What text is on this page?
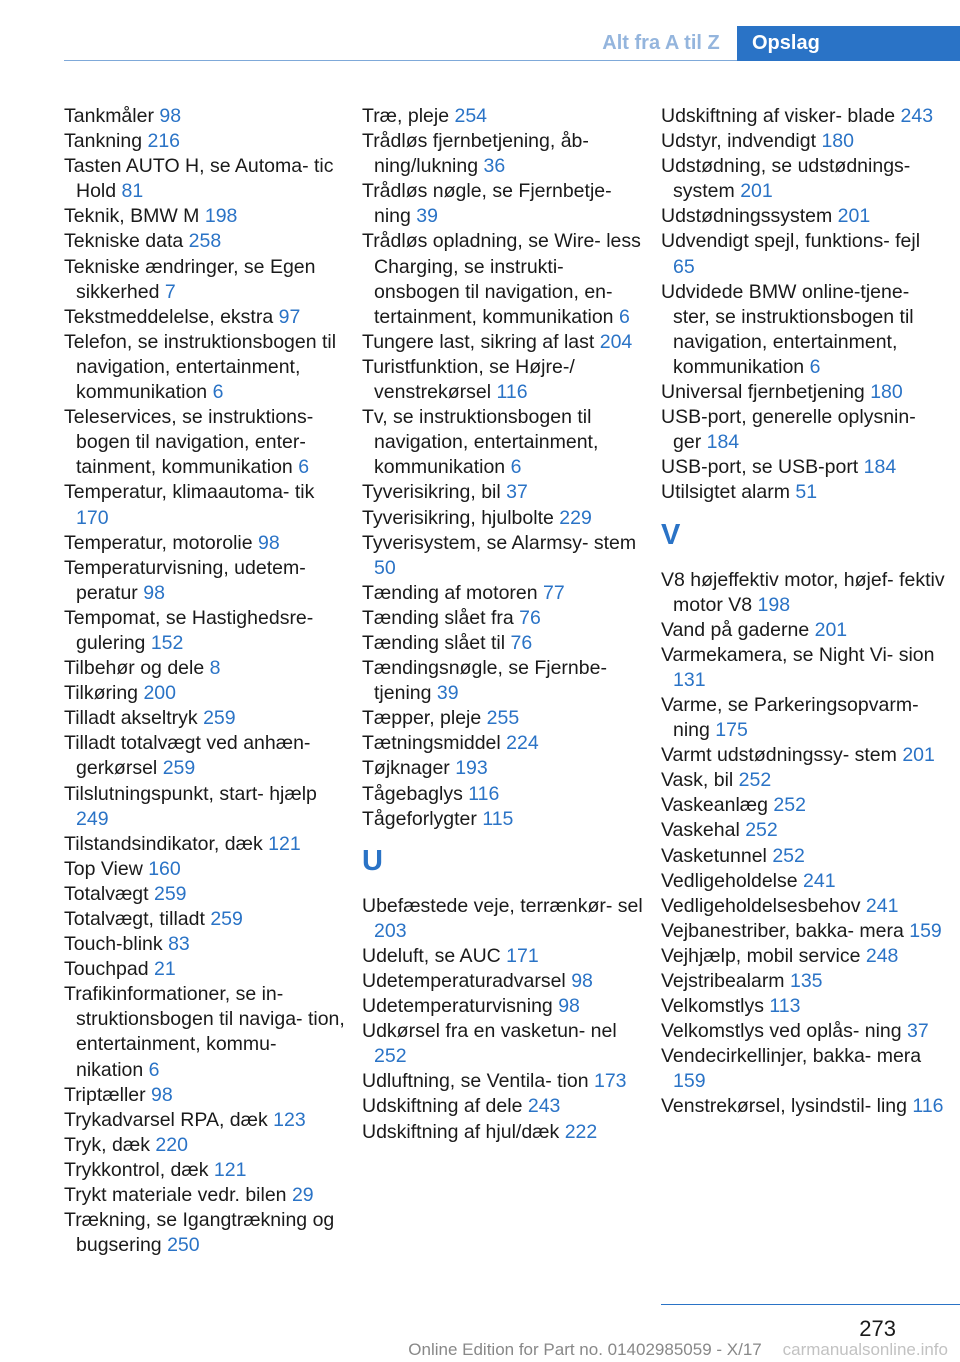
Alt fra A til Z	Opslag
Tankmåler 98
Tankning 216
Tasten AUTO H, se Automa‐ tic Hold 81
Teknik, BMW M 198
Tekniske data 258
Tekniske ændringer, se Egen sikkerhed 7
Tekstmeddelelse, ekstra 97
Telefon, se instruktionsbogen til navigation, entertainment, kommunikation 6
Teleservices, se instruktions‐ bogen til navigation, enter‐ tainment, kommunikation 6
Temperatur, klimaautoma‐ tik 170
Temperatur, motorolie 98
Temperaturvisning, udetem‐ peratur 98
Tempomat, se Hastighedsre‐ gulering 152
Tilbehør og dele 8
Tilkøring 200
Tilladt akseltryk 259
Tilladt totalvægt ved anhæn‐ gerkørsel 259
Tilslutningspunkt, start‐ hjælp 249
Tilstandsindikator, dæk 121
Top View 160
Totalvægt 259
Totalvægt, tilladt 259
Touch-blink 83
Touchpad 21
Trafikinformationer, se in‐ struktionsbogen til naviga‐ tion, entertainment, kommu‐ nikation 6
Triptæller 98
Trykadvarsel RPA, dæk 123
Tryk, dæk 220
Trykkontrol, dæk 121
Trykt materiale vedr. bilen 29
Trækning, se Igangtrækning og bugsering 250
Træ, pleje 254
Trådløs fjernbetjening, åb‐ ning/lukning 36
Trådløs nøgle, se Fjernbetje‐ ning 39
Trådløs opladning, se Wire‐ less Charging, se instrukti‐ onsbogen til navigation, en‐ tertainment, kommunikation 6
Tungere last, sikring af last 204
Turistfunktion, se Højre-/ venstrekørsel 116
Tv, se instruktionsbogen til navigation, entertainment, kommunikation 6
Tyverisikring, bil 37
Tyverisikring, hjulbolte 229
Tyverisystem, se Alarmsy‐ stem 50
Tænding af motoren 77
Tænding slået fra 76
Tænding slået til 76
Tændingsnøgle, se Fjernbe‐ tjening 39
Tæpper, pleje 255
Tætningsmiddel 224
Tøjknager 193
Tågebaglys 116
Tågeforlygter 115
U
Ubefæstede veje, terrænkør‐ sel 203
Udeluft, se AUC 171
Udetemperaturadvarsel 98
Udetemperaturvisning 98
Udkørsel fra en vasketun‐ nel 252
Udluftning, se Ventila‐ tion 173
Udskiftning af dele 243
Udskiftning af hjul/dæk 222
Udskiftning af visker‐ blade 243
Udstyr, indvendigt 180
Udstødning, se udstødnings‐ system 201
Udstødningssystem 201
Udvendigt spejl, funktions‐ fejl 65
Udvidede BMW online-tjene‐ ster, se instruktionsbogen til navigation, entertainment, kommunikation 6
Universal fjernbetjening 180
USB-port, generelle oplysnin‐ ger 184
USB-port, se USB-port 184
Utilsigtet alarm 51
V
V8 højeffektiv motor, højef‐ fektiv motor V8 198
Vand på gaderne 201
Varmekamera, se Night Vi‐ sion 131
Varme, se Parkeringsopvarm‐ ning 175
Varmt udstødningssy‐ stem 201
Vask, bil 252
Vaskeanlæg 252
Vaskehal 252
Vasketunnel 252
Vedligeholdelse 241
Vedligeholdelsesbehov 241
Vejbanestriber, bakka‐ mera 159
Vejhjælp, mobil service 248
Vejstribealarm 135
Velkomstlys 113
Velkomstlys ved oplås‐ ning 37
Vendecirkellinjer, bakka‐ mera 159
Venstrekørsel, lysindstil‐ ling 116
273
Online Edition for Part no. 01402985059 - X/17	carmanualsonline.info
